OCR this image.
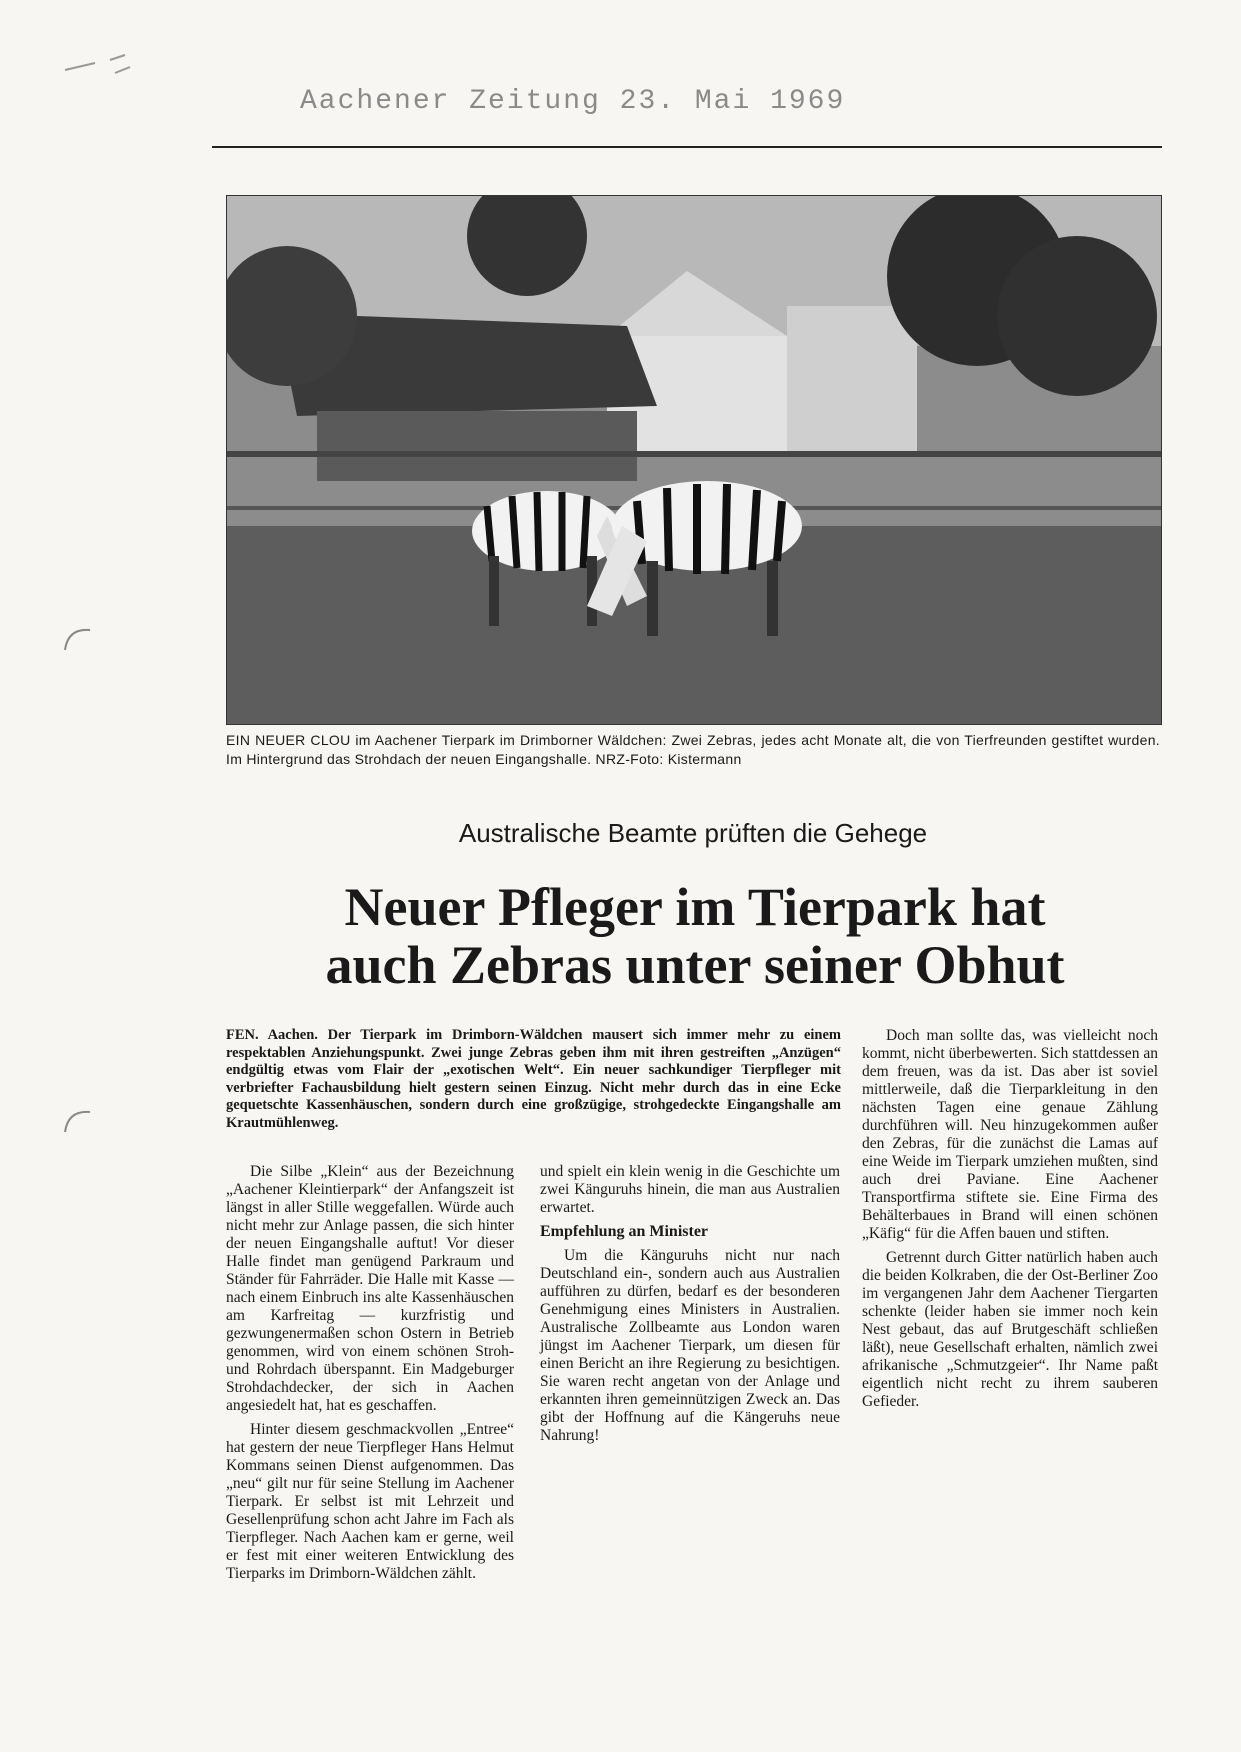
Aachener Zeitung 23. Mai 1969
EIN NEUER CLOU im Aachener Tierpark im Drimborner Wäldchen: Zwei Zebras, jedes acht Monate alt, die von Tierfreunden gestiftet wurden. Im Hintergrund das Strohdach der neuen Eingangshalle. NRZ-Foto: Kistermann
Australische Beamte prüften die Gehege
Neuer Pfleger im Tierpark hat
auch Zebras unter seiner Obhut
FEN. Aachen. Der Tierpark im Drimborn-Wäldchen mausert sich immer mehr zu einem respektablen Anziehungspunkt. Zwei junge Zebras geben ihm mit ihren gestreiften „Anzügen“ endgültig etwas vom Flair der „exotischen Welt“. Ein neuer sachkundiger Tierpfleger mit verbriefter Fachausbildung hielt gestern seinen Einzug. Nicht mehr durch das in eine Ecke gequetschte Kassenhäuschen, sondern durch eine großzügige, strohgedeckte Eingangshalle am Krautmühlenweg.

Die Silbe „Klein“ aus der Bezeichnung „Aachener Kleintierpark“ der Anfangszeit ist längst in aller Stille weggefallen. Würde auch nicht mehr zur Anlage passen, die sich hinter der neuen Eingangshalle auftut! Vor dieser Halle findet man genügend Parkraum und Ständer für Fahrräder. Die Halle mit Kasse — nach einem Einbruch ins alte Kassenhäuschen am Karfreitag — kurzfristig und gezwungenermaßen schon Ostern in Betrieb genommen, wird von einem schönen Stroh- und Rohrdach überspannt. Ein Madgeburger Strohdachdecker, der sich in Aachen angesiedelt hat, hat es geschaffen.

Hinter diesem geschmackvollen „Entree“ hat gestern der neue Tierpfleger Hans Helmut Kommans seinen Dienst aufgenommen. Das „neu“ gilt nur für seine Stellung im Aachener Tierpark. Er selbst ist mit Lehrzeit und Gesellenprüfung schon acht Jahre im Fach als Tierpfleger. Nach Aachen kam er gerne, weil er fest mit einer weiteren Entwicklung des Tierparks im Drimborn-Wäldchen zählt.

und spielt ein klein wenig in die Geschichte um zwei Känguruhs hinein, die man aus Australien erwartet.

Empfehlung an Minister

Um die Känguruhs nicht nur nach Deutschland ein-, sondern auch aus Australien aufführen zu dürfen, bedarf es der besonderen Genehmigung eines Ministers in Australien. Australische Zollbeamte aus London waren jüngst im Aachener Tierpark, um diesen für einen Bericht an ihre Regierung zu besichtigen. Sie waren recht angetan von der Anlage und erkannten ihren gemeinnützigen Zweck an. Das gibt der Hoffnung auf die Kängeruhs neue Nahrung!

Doch man sollte das, was vielleicht noch kommt, nicht überbewerten. Sich stattdessen an dem freuen, was da ist. Das aber ist soviel mittlerweile, daß die Tierparkleitung in den nächsten Tagen eine genaue Zählung durchführen will. Neu hinzugekommen außer den Zebras, für die zunächst die Lamas auf eine Weide im Tierpark umziehen mußten, sind auch drei Paviane. Eine Aachener Transportfirma stiftete sie. Eine Firma des Behälterbaues in Brand will einen schönen „Käfig“ für die Affen bauen und stiften.

Getrennt durch Gitter natürlich haben auch die beiden Kolkraben, die der Ost-Berliner Zoo im vergangenen Jahr dem Aachener Tiergarten schenkte (leider haben sie immer noch kein Nest gebaut, das auf Brutgeschäft schließen läßt), neue Gesellschaft erhalten, nämlich zwei afrikanische „Schmutzgeier“. Ihr Name paßt eigentlich nicht recht zu ihrem sauberen Gefieder.
